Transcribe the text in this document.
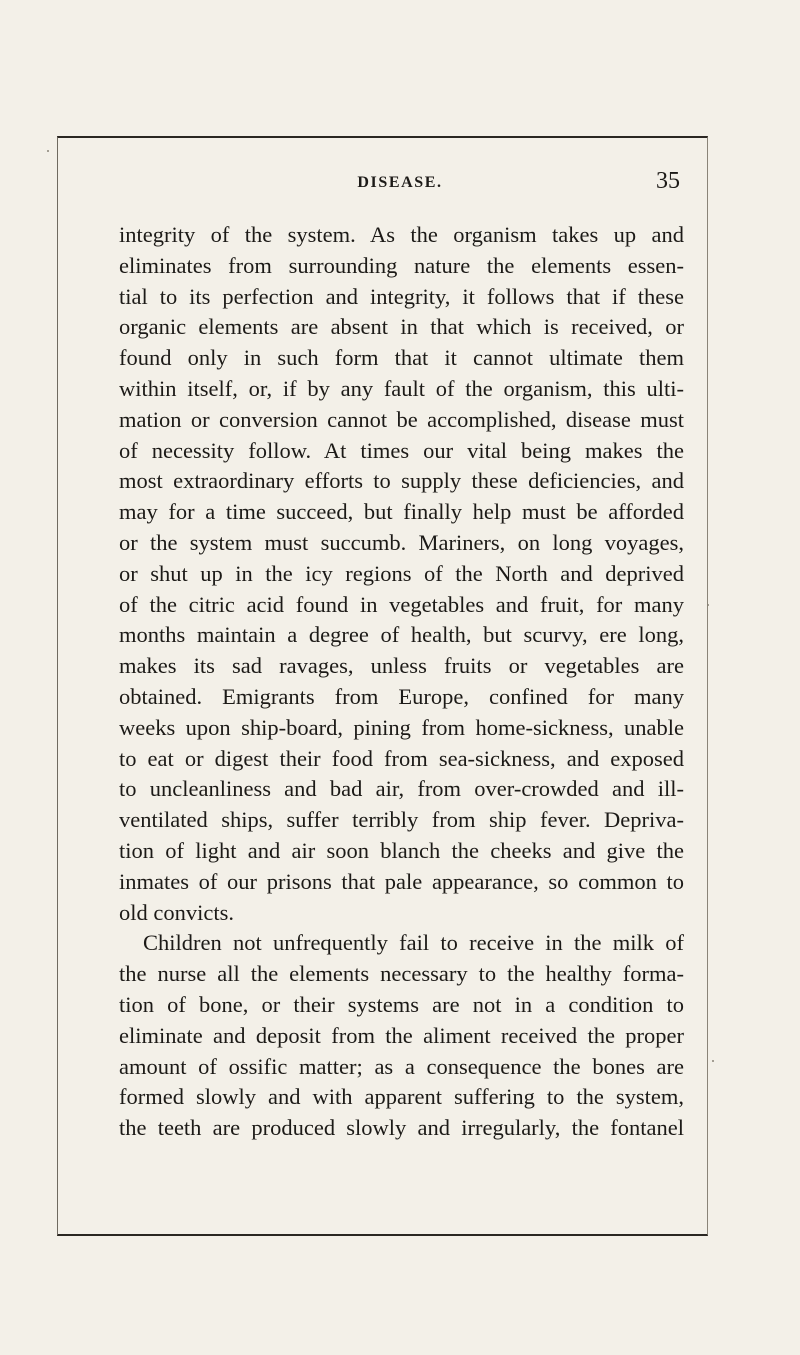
DISEASE.	35
integrity of the system. As the organism takes up and
eliminates from surrounding nature the elements essen-
tial to its perfection and integrity, it follows that if these
organic elements are absent in that which is received, or
found only in such form that it cannot ultimate them
within itself, or, if by any fault of the organism, this ulti-
mation or conversion cannot be accomplished, disease must
of necessity follow. At times our vital being makes the
most extraordinary efforts to supply these deficiencies, and
may for a time succeed, but finally help must be afforded
or the system must succumb. Mariners, on long voyages,
or shut up in the icy regions of the North and deprived
of the citric acid found in vegetables and fruit, for many
months maintain a degree of health, but scurvy, ere long,
makes its sad ravages, unless fruits or vegetables are
obtained. Emigrants from Europe, confined for many
weeks upon ship-board, pining from home-sickness, unable
to eat or digest their food from sea-sickness, and exposed
to uncleanliness and bad air, from over-crowded and ill-
ventilated ships, suffer terribly from ship fever. Depriva-
tion of light and air soon blanch the cheeks and give the
inmates of our prisons that pale appearance, so common to
old convicts.
Children not unfrequently fail to receive in the milk of
the nurse all the elements necessary to the healthy forma-
tion of bone, or their systems are not in a condition to
eliminate and deposit from the aliment received the proper
amount of ossific matter; as a consequence the bones are
formed slowly and with apparent suffering to the system,
the teeth are produced slowly and irregularly, the fontanel
